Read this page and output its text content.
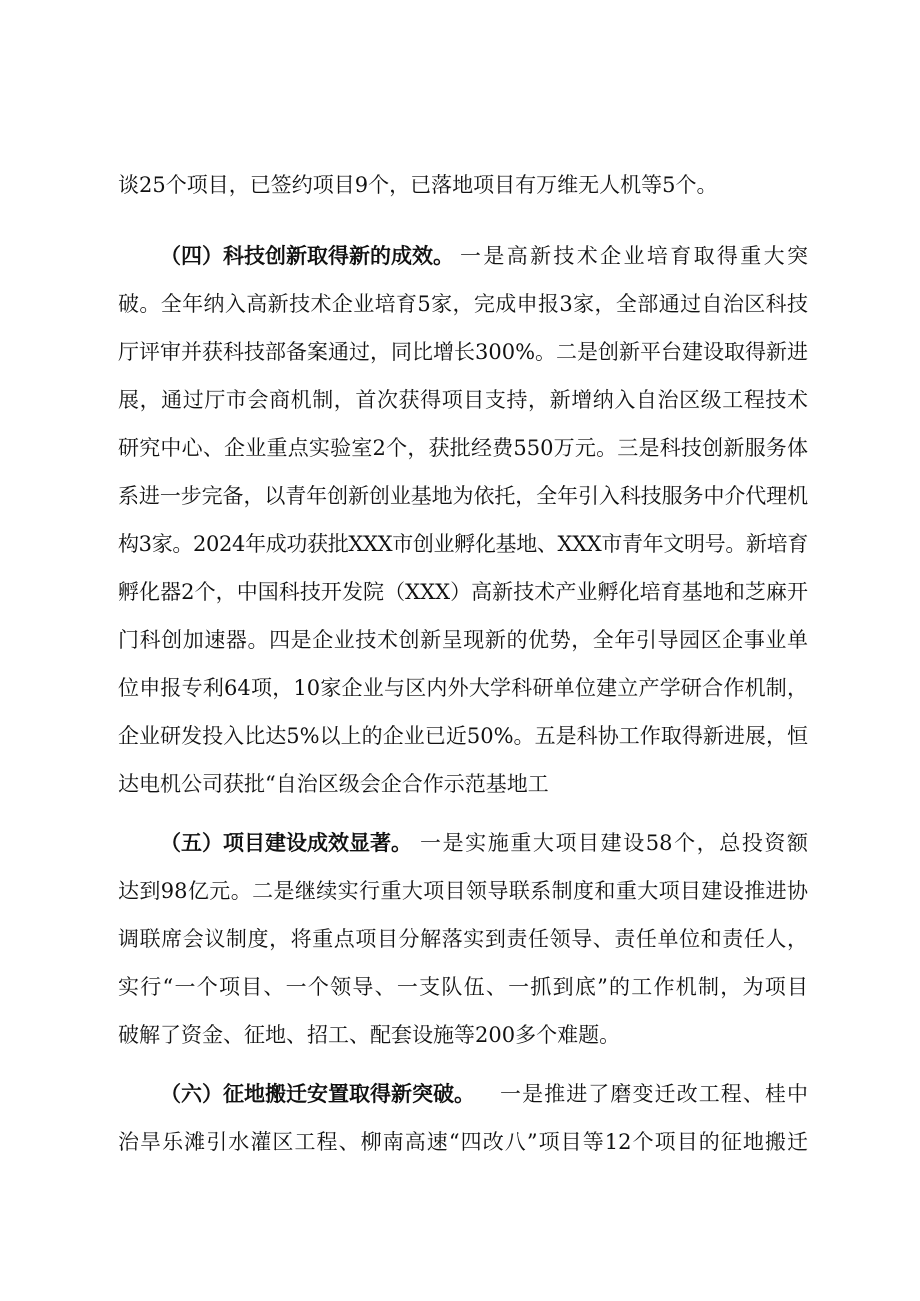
谈25个项目，已签约项目9个，已落地项目有万维无人机等5个。
（四）科技创新取得新的成效。 一是高新技术企业培育取得重大突
破。全年纳入高新技术企业培育5家，完成申报3家，全部通过自治区科技
厅评审并获科技部备案通过，同比增长300%。二是创新平台建设取得新进
展，通过厅市会商机制，首次获得项目支持，新增纳入自治区级工程技术
研究中心、企业重点实验室2个，获批经费550万元。三是科技创新服务体
系进一步完备，以青年创新创业基地为依托，全年引入科技服务中介代理机
构3家。2024年成功获批XXX市创业孵化基地、XXX市青年文明号。新培育
孵化器2个，中国科技开发院（XXX）高新技术产业孵化培育基地和芝麻开
门科创加速器。四是企业技术创新呈现新的优势，全年引导园区企事业单
位申报专利64项，10家企业与区内外大学科研单位建立产学研合作机制，
企业研发投入比达5%以上的企业已近50%。五是科协工作取得新进展，恒
达电机公司获批“自治区级会企合作示范基地工
（五）项目建设成效显著。 一是实施重大项目建设58个，总投资额
达到98亿元。二是继续实行重大项目领导联系制度和重大项目建设推进协
调联席会议制度，将重点项目分解落实到责任领导、责任单位和责任人，
实行“一个项目、一个领导、一支队伍、一抓到底”的工作机制，为项目
破解了资金、征地、招工、配套设施等200多个难题。
（六）征地搬迁安置取得新突破。	一是推进了磨变迁改工程、桂中
治旱乐滩引水灌区工程、柳南高速“四改八”项目等12个项目的征地搬迁
